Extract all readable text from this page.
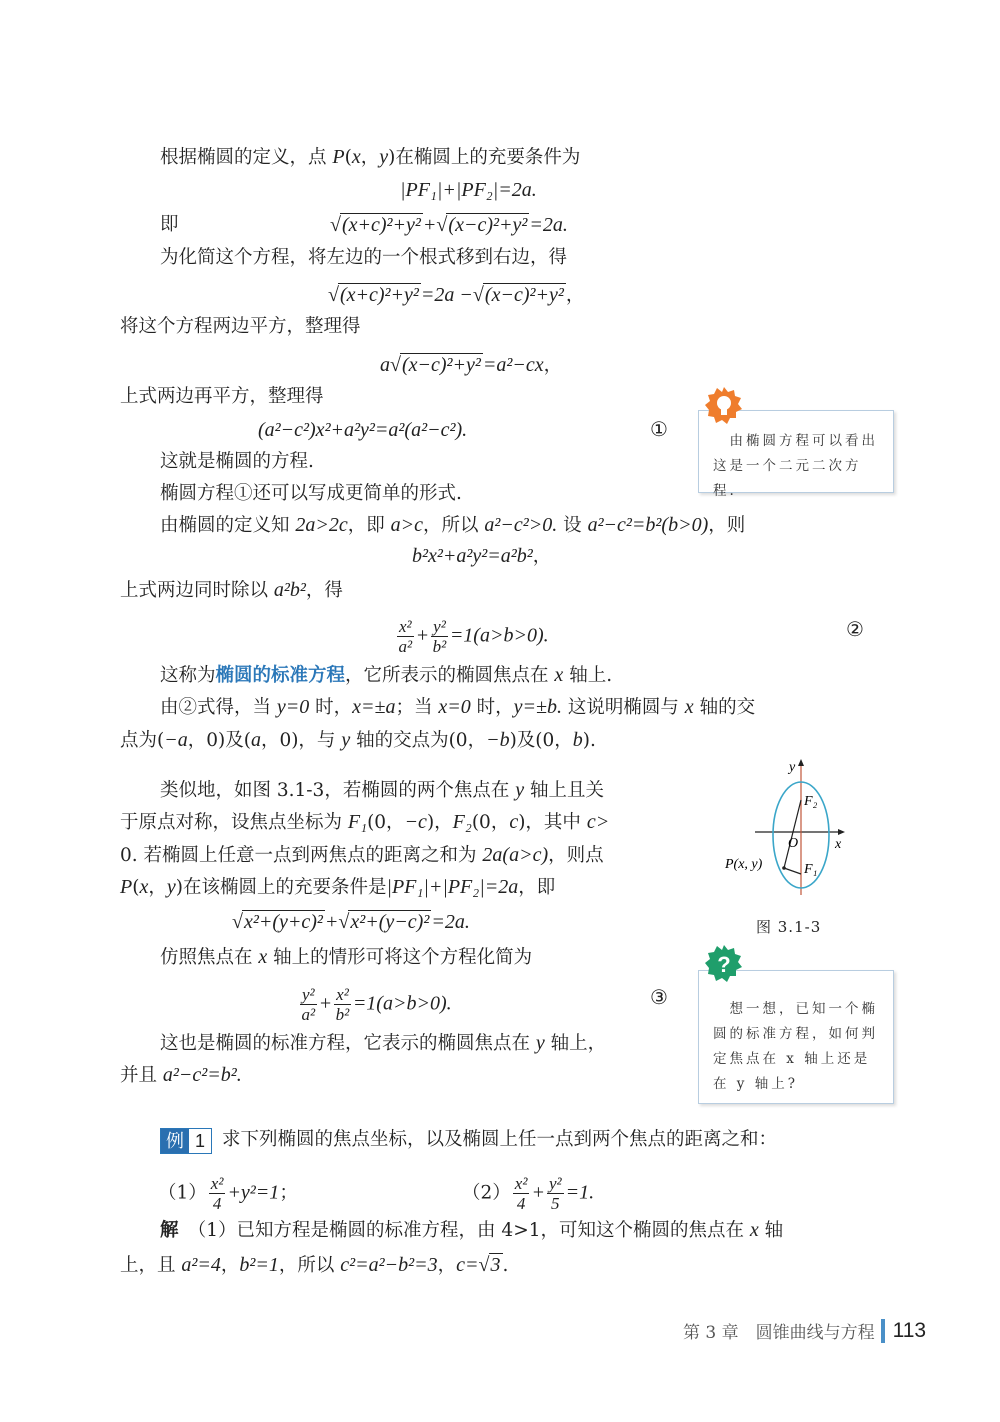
根据椭圆的定义，点 P(x，y)在椭圆上的充要条件为
|PF₁|+|PF₂|=2a.
即	√(x+c)²+y² +√(x−c)²+y² =2a.
为化简这个方程，将左边的一个根式移到右边，得
√(x+c)²+y² =2a −√(x−c)²+y² ，
将这个方程两边平方，整理得
a√(x−c)²+y² =a²−cx，
上式两边再平方，整理得
(a²−c²)x²+a²y²=a²(a²−c²).	①
这就是椭圆的方程.
椭圆方程①还可以写成更简单的形式.
由椭圆的定义知 2a>2c，即 a>c，所以 a²−c²>0. 设 a²−c²=b²(b>0)，则
b²x²+a²y²=a²b²，
上式两边同时除以 a²b²，得
$\frac{\text{x²}}{\text{a²}} + \frac{\text{y²}}{\text{b²}} =1(a>b>0)$.	②
这称为椭圆的标准方程，它所表示的椭圆焦点在 x 轴上.
由②式得，当 y=0 时，x=±a；当 x=0 时，y=±b. 这说明椭圆与 x 轴的交
点为(−a，0)及(a，0)，与 y 轴的交点为(0，−b)及(0，b).
类似地，如图 3.1-3，若椭圆的两个焦点在 y 轴上且关
于原点对称，设焦点坐标为 F₁(0，−c)，F₂(0，c)，其中 c>
0. 若椭圆上任意一点到两焦点的距离之和为 2a(a>c)，则点
P(x，y)在该椭圆上的充要条件是|PF₁|+|PF₂|=2a，即
√x²+(y+c)² +√x²+(y−c)² =2a.
仿照焦点在 x 轴上的情形可将这个方程化简为
$\frac{\text{y²}}{\text{a²}} + \frac{\text{x²}}{\text{b²}} =1(a>b>0)$.	③
这也是椭圆的标准方程，它表示的椭圆焦点在 y 轴上，
并且 a²−c²=b².
例 1 求下列椭圆的焦点坐标，以及椭圆上任一点到两个焦点的距离之和：
$(1) \frac{\text{x²}}{4} +y^2=1$；	$(2) \frac{\text{x²}}{4} + \frac{\text{y²}}{5} =1$.
解　（1）已知方程是椭圆的标准方程，由 4>1，可知这个椭圆的焦点在 x 轴
上，且 a²=4，b²=1，所以 c²=a²−b²=3，c=√3 .
　由椭圆方程可以看出这是一个二元二次方程.
　想一想，已知一个椭圆的标准方程，如何判定焦点在 x 轴上还是在 y 轴上?
?
y
x
O
F₂
F₁
P(x, y)
图 3.1-3
第 3 章　圆锥曲线与方程 113
